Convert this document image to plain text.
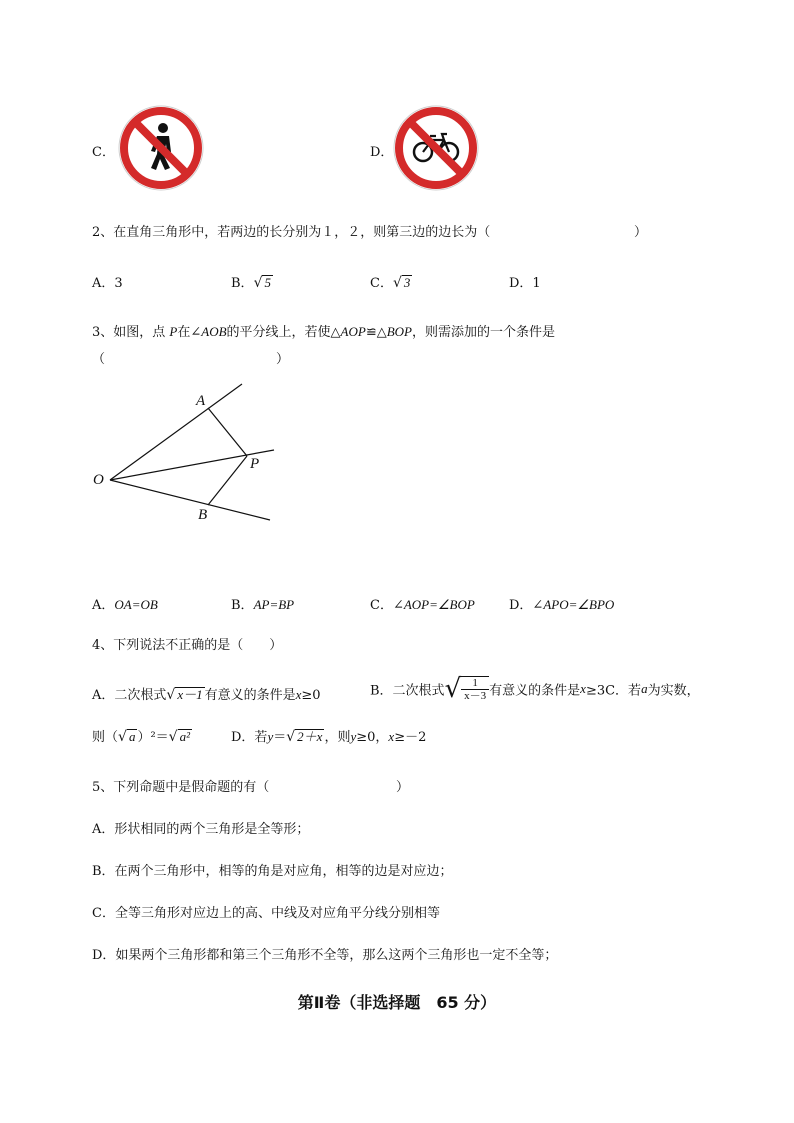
C．	D．
2、在直角三角形中，若两边的长分别为１，２，则第三边的边长为（	）
A．3	B．√ 5	C．√ 3	D．1
3、如图，点 P在∠AOB的平分线上，若使△AOP≌△BOP，则需添加的一个条件是
（	）
A
O
P
B
A．OA=OB	B．AP=BP	C．∠AOP=∠BOP	D．∠APO=∠BPO
4、下列说法不正确的是（　　）
A．二次根式√ x－1 有意义的条件是x≥0	B．二次根式√ $\frac{1}{x-3}$ 有意义的条件是x≥3C．若a为实数，
则（√ a ）²＝√ a²	D．若y＝√ 2＋x ，则y≥0，x≥－2
5、下列命题中是假命题的有（	）
A．形状相同的两个三角形是全等形；
B．在两个三角形中，相等的角是对应角，相等的边是对应边；
C．全等三角形对应边上的高、中线及对应角平分线分别相等
D．如果两个三角形都和第三个三角形不全等，那么这两个三角形也一定不全等；
第Ⅱ卷（非选择题　65 分）
